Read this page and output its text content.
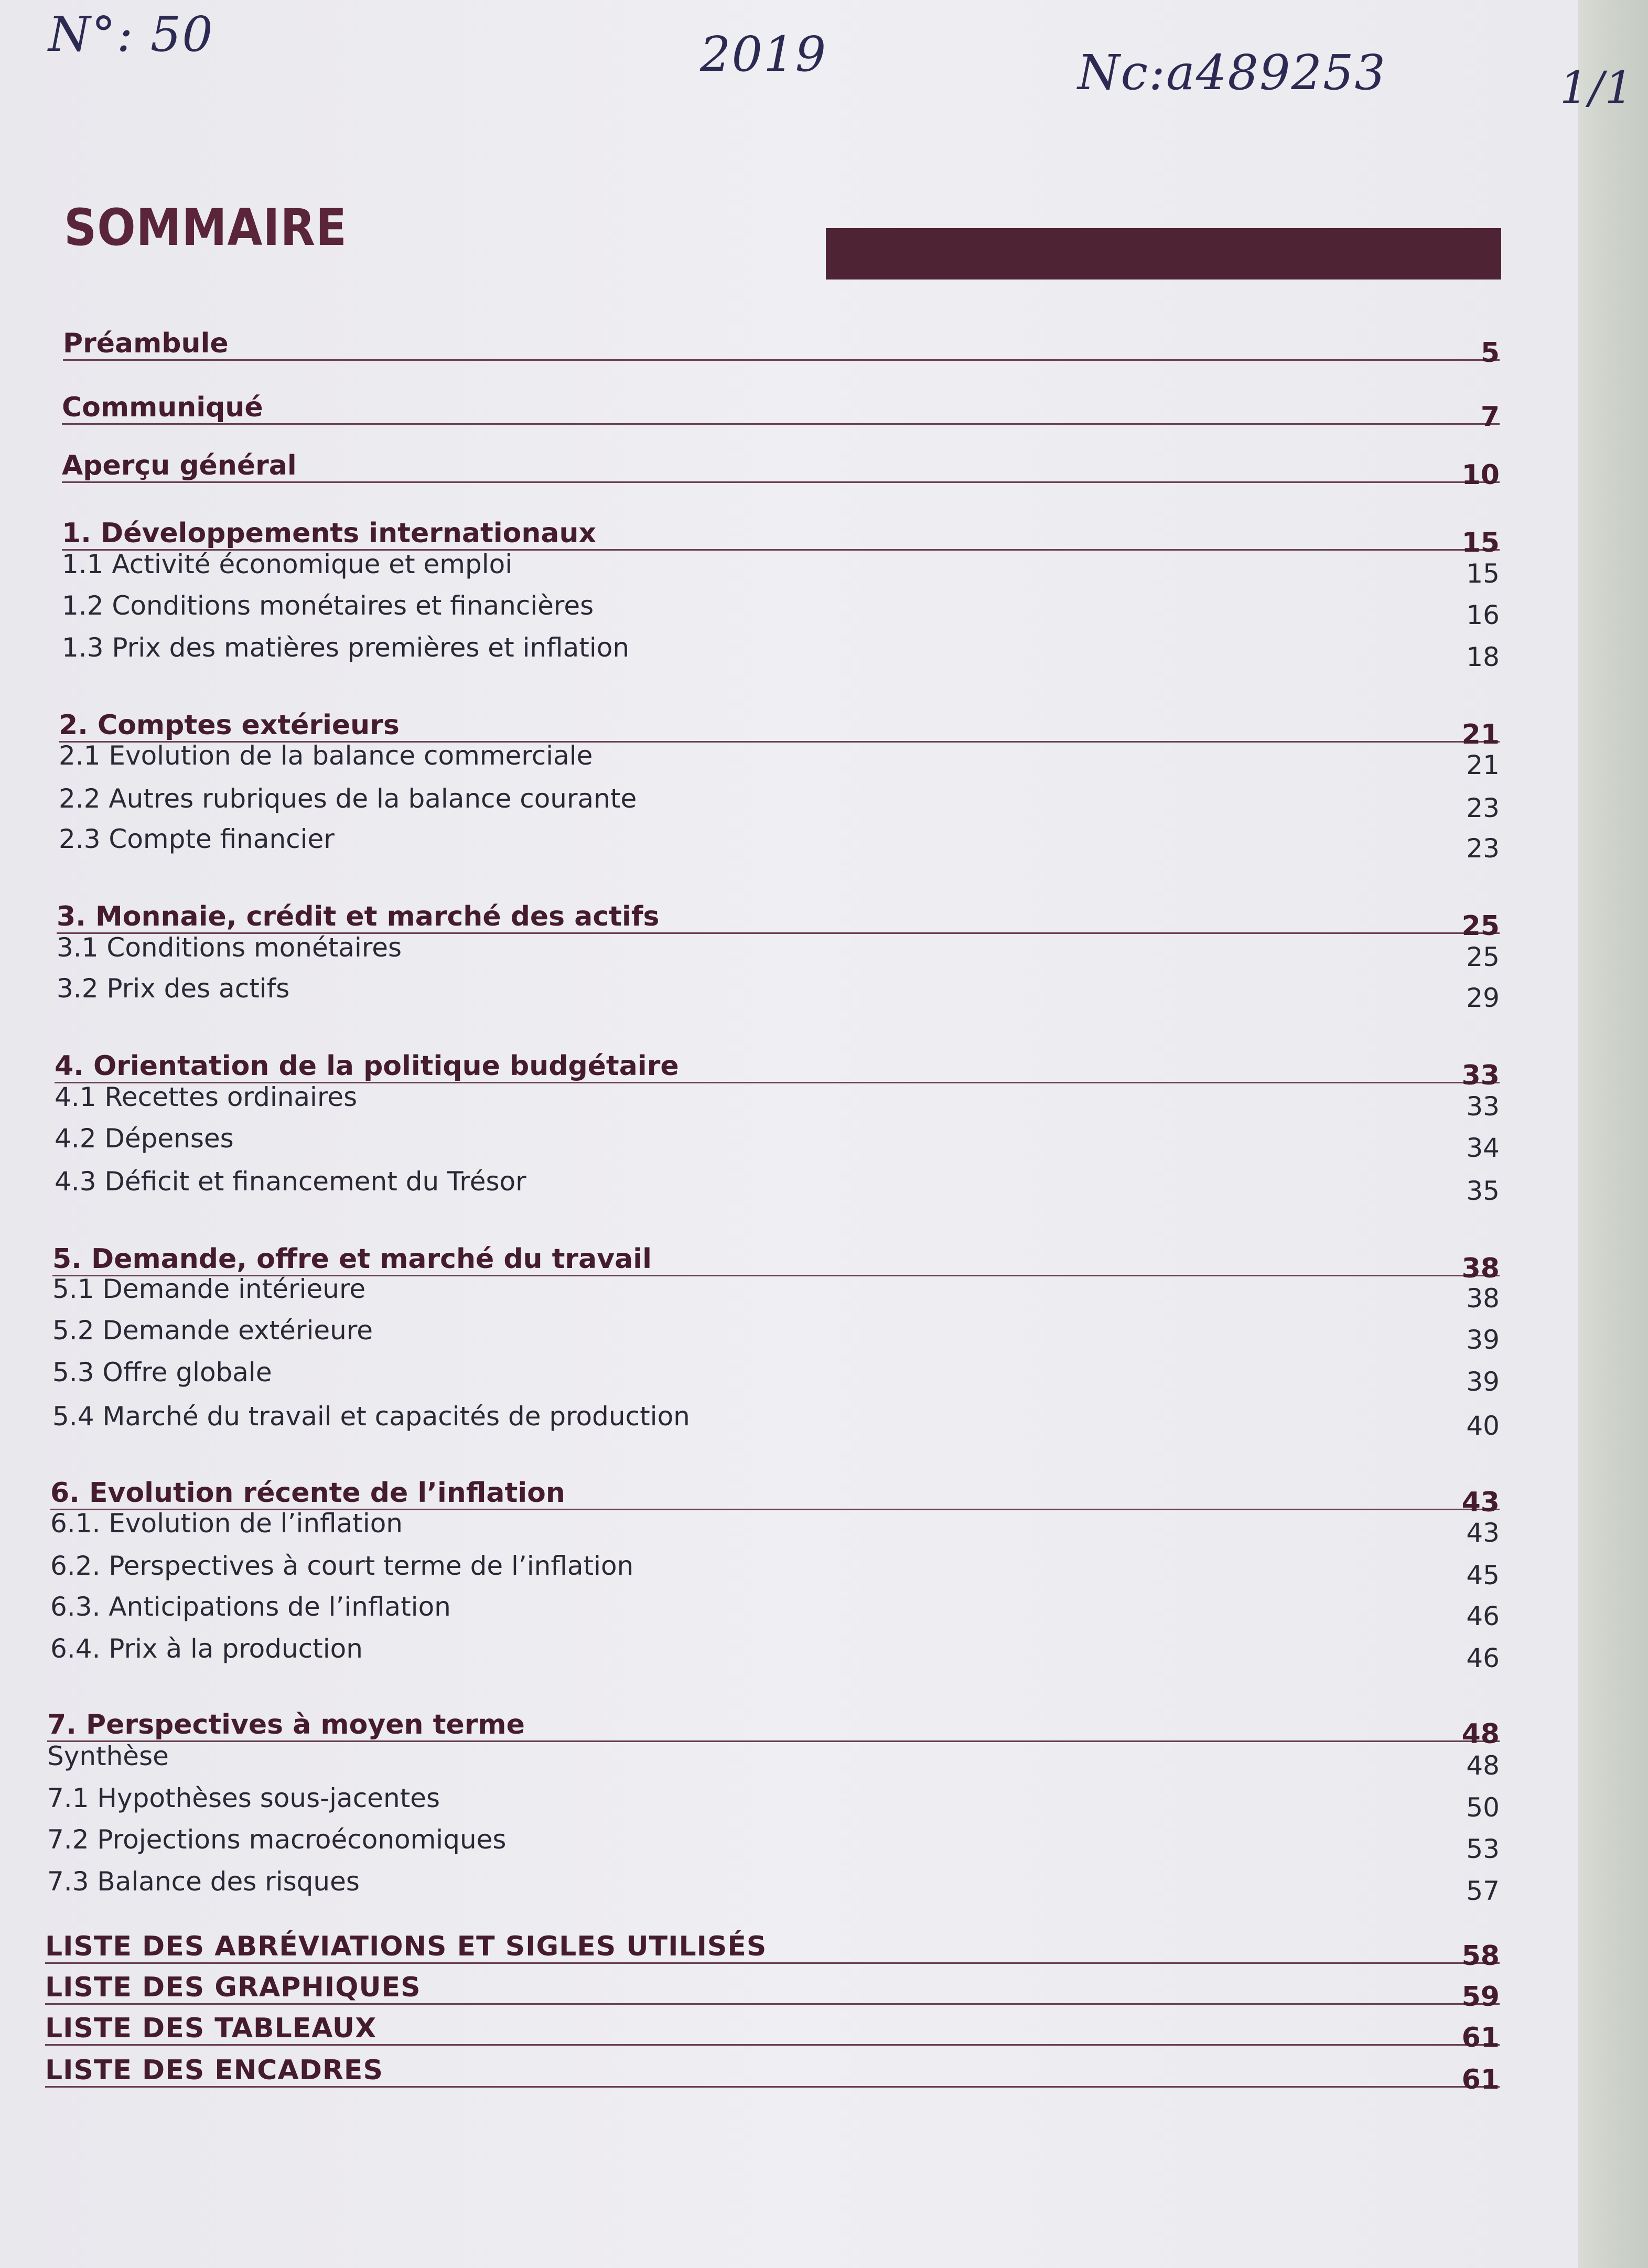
N°: 50	2019	Nc:a489253	1/1
SOMMAIRE
Préambule	5
Communiqué	7
Aperçu général	10
1. Développements internationaux	15
1.1 Activité économique et emploi	15
1.2 Conditions monétaires et financières	16
1.3 Prix des matières premières et inflation	18
2. Comptes extérieurs	21
2.1 Evolution de la balance commerciale	21
2.2 Autres rubriques de la balance courante	23
2.3 Compte financier	23
3. Monnaie, crédit et marché des actifs	25
3.1 Conditions monétaires	25
3.2 Prix des actifs	29
4. Orientation de la politique budgétaire	33
4.1 Recettes ordinaires	33
4.2 Dépenses	34
4.3 Déficit et financement du Trésor	35
5. Demande, offre et marché du travail	38
5.1 Demande intérieure	38
5.2 Demande extérieure	39
5.3 Offre globale	39
5.4 Marché du travail et capacités de production	40
6. Evolution récente de l’inflation	43
6.1. Evolution de l’inflation	43
6.2. Perspectives à court terme de l’inflation	45
6.3. Anticipations de l’inflation	46
6.4. Prix à la production	46
7. Perspectives à moyen terme	48
Synthèse	48
7.1 Hypothèses sous-jacentes	50
7.2 Projections macroéconomiques	53
7.3 Balance des risques	57
LISTE DES ABRÉVIATIONS ET SIGLES UTILISÉS	58
LISTE DES GRAPHIQUES	59
LISTE DES TABLEAUX	61
LISTE DES ENCADRES	61
